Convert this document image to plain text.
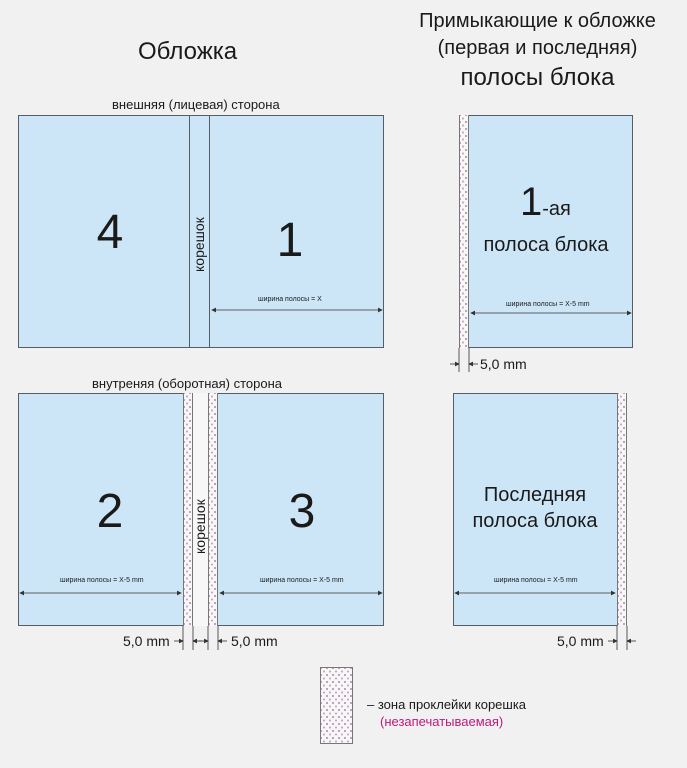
Обложка
Примыкающие к обложке
(первая и последняя)
полосы блока
внешняя (лицевая) сторона
внутреняя (оборотная) сторона
4	1
корешок
ширина полосы = X
2	3
корешок
ширина полосы = X-5 mm	ширина полосы = X-5 mm
1-ая
полоса блока
ширина полосы = X-5 mm
Последняя
полоса блока
ширина полосы = X-5 mm
5,0 mm
5,0 mm	5,0 mm	5,0 mm
– зона проклейки корешка
(незапечатываемая)
